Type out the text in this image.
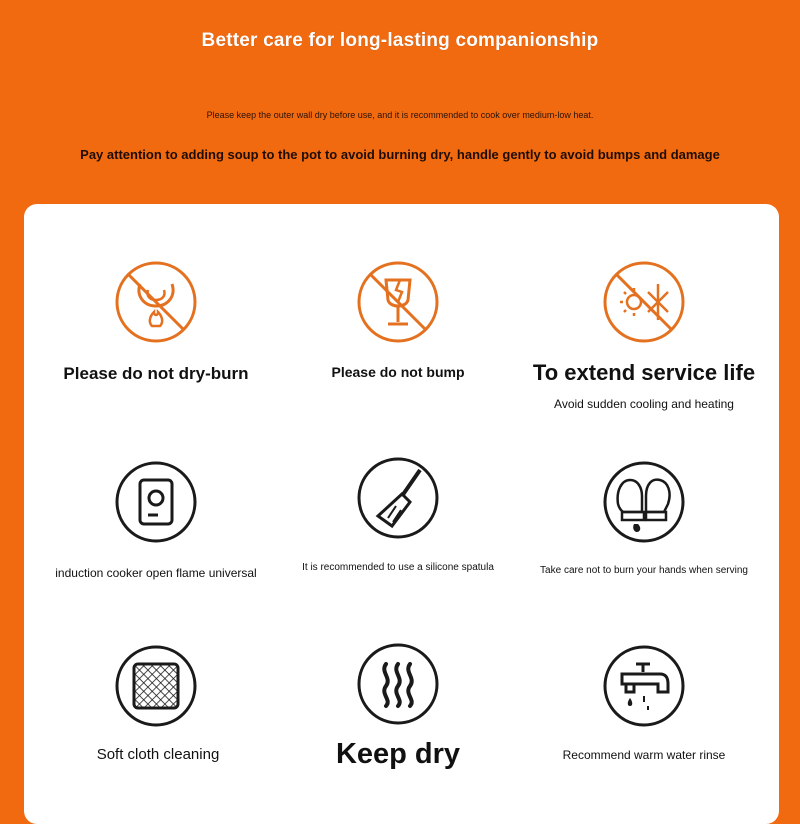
Better care for long-lasting companionship
Please keep the outer wall dry before use, and it is recommended to cook over medium-low heat.
Pay attention to adding soup to the pot to avoid burning dry, handle gently to avoid bumps and damage
Please do not dry-burn	Please do not bump	To extend service life
Avoid sudden cooling and heating
induction cooker open flame universal	It is recommended to use a silicone spatula	Take care not to burn your hands when serving
Soft cloth cleaning	Keep dry	Recommend warm water rinse
